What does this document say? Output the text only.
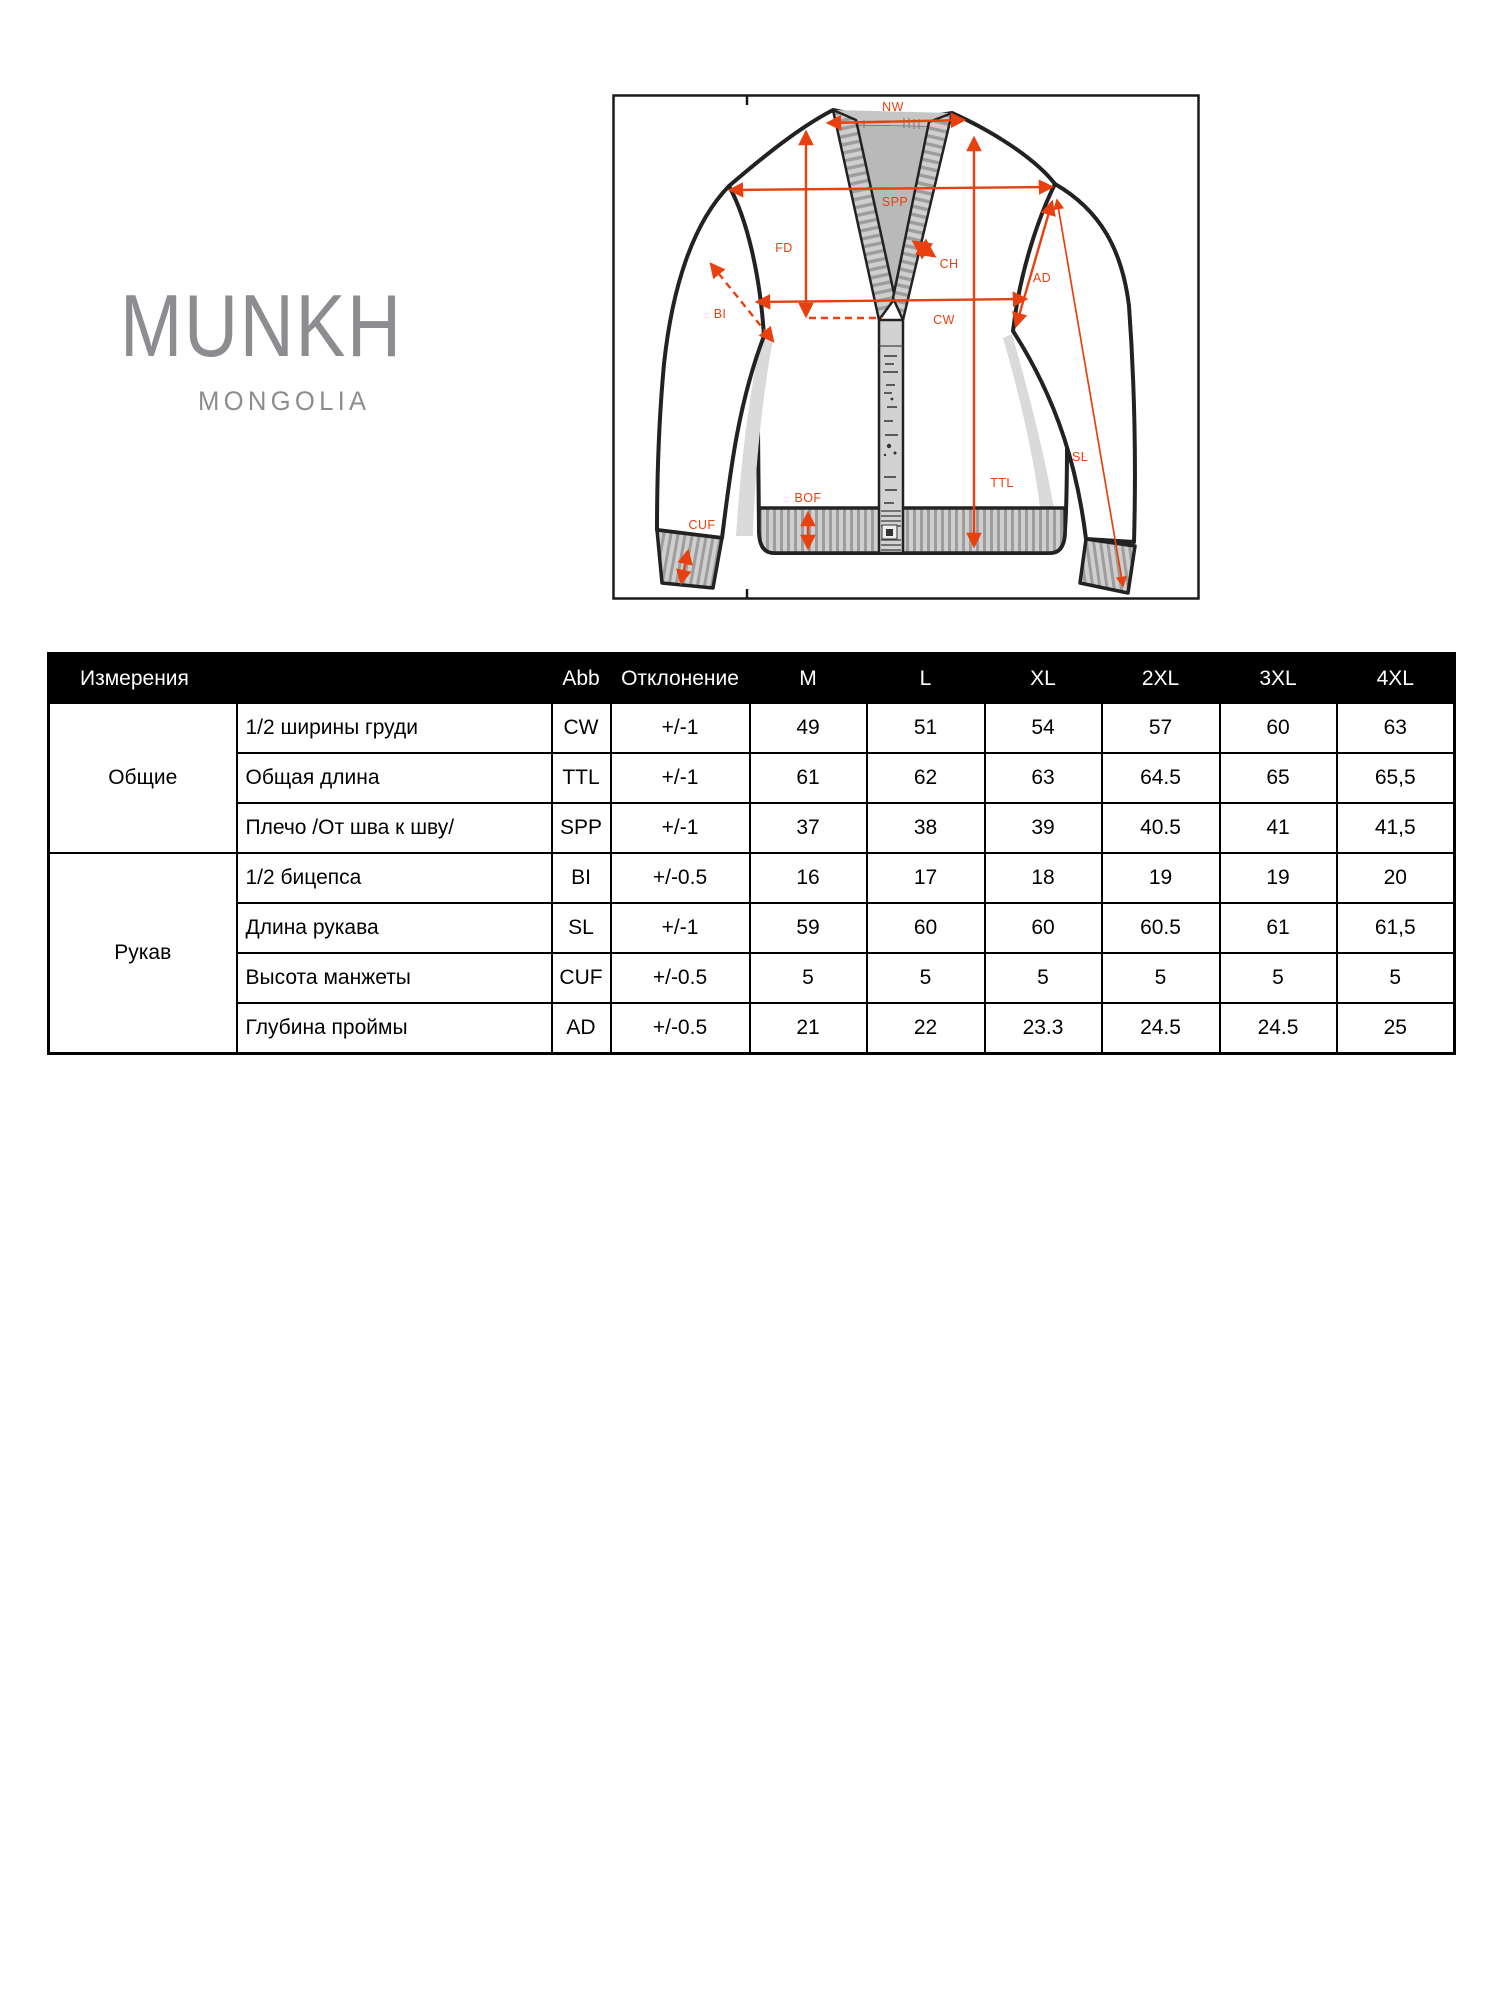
MUNKH
MONGOLIA
NW
SPP
FD
CH
BI	CW
AD
TTL
SL
BOF
CUF
Измерения		Abb	Отклонение	M	L	XL	2XL	3XL	4XL
Общие	1/2 ширины груди	CW	+/-1	49	51	54	57	60	63
	Общая длина	TTL	+/-1	61	62	63	64.5	65	65,5
	Плечо /От шва к шву/	SPP	+/-1	37	38	39	40.5	41	41,5
Рукав	1/2 бицепса	BI	+/-0.5	16	17	18	19	19	20
	Длина рукава	SL	+/-1	59	60	60	60.5	61	61,5
	Высота манжеты	CUF	+/-0.5	5	5	5	5	5	5
	Глубина проймы	AD	+/-0.5	21	22	23.3	24.5	24.5	25
